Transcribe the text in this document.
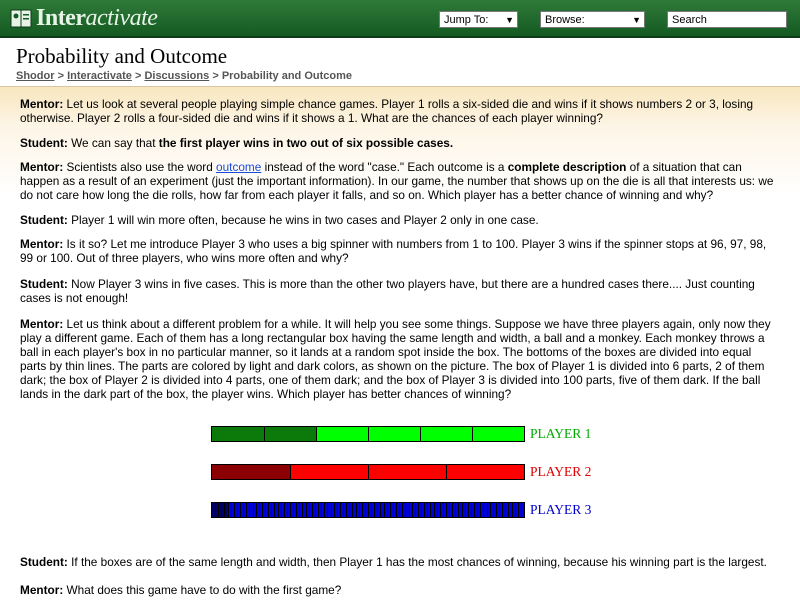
Interactivate	Jump To: ▼	Browse:	▼	Search
Probability and Outcome
Shodor > Interactivate > Discussions > Probability and Outcome

Mentor: Let us look at several people playing simple chance games. Player 1 rolls a six-sided die and wins if it shows numbers 2 or 3, losing otherwise. Player 2 rolls a four-sided die and wins if it shows a 1. What are the chances of each player winning?

Student: We can say that the first player wins in two out of six possible cases.

Mentor: Scientists also use the word outcome instead of the word "case." Each outcome is a complete description of a situation that can happen as a result of an experiment (just the important information). In our game, the number that shows up on the die is all that interests us: we do not care how long the die rolls, how far from each player it falls, and so on. Which player has a better chance of winning and why?

Student: Player 1 will win more often, because he wins in two cases and Player 2 only in one case.

Mentor: Is it so? Let me introduce Player 3 who uses a big spinner with numbers from 1 to 100. Player 3 wins if the spinner stops at 96, 97, 98, 99 or 100. Out of three players, who wins more often and why?

Student: Now Player 3 wins in five cases. This is more than the other two players have, but there are a hundred cases there.... Just counting cases is not enough!

Mentor: Let us think about a different problem for a while. It will help you see some things. Suppose we have three players again, only now they play a different game. Each of them has a long rectangular box having the same length and width, a ball and a monkey. Each monkey throws a ball in each player's box in no particular manner, so it lands at a random spot inside the box. The bottoms of the boxes are divided into equal parts by thin lines. The parts are colored by light and dark colors, as shown on the picture. The box of Player 1 is divided into 6 parts, 2 of them dark; the box of Player 2 is divided into 4 parts, one of them dark; and the box of Player 3 is divided into 100 parts, five of them dark. If the ball lands in the dark part of the box, the player wins. Which player has better chances of winning?

PLAYER 1
PLAYER 2
PLAYER 3

Student: If the boxes are of the same length and width, then Player 1 has the most chances of winning, because his winning part is the largest.

Mentor: What does this game have to do with the first game?
